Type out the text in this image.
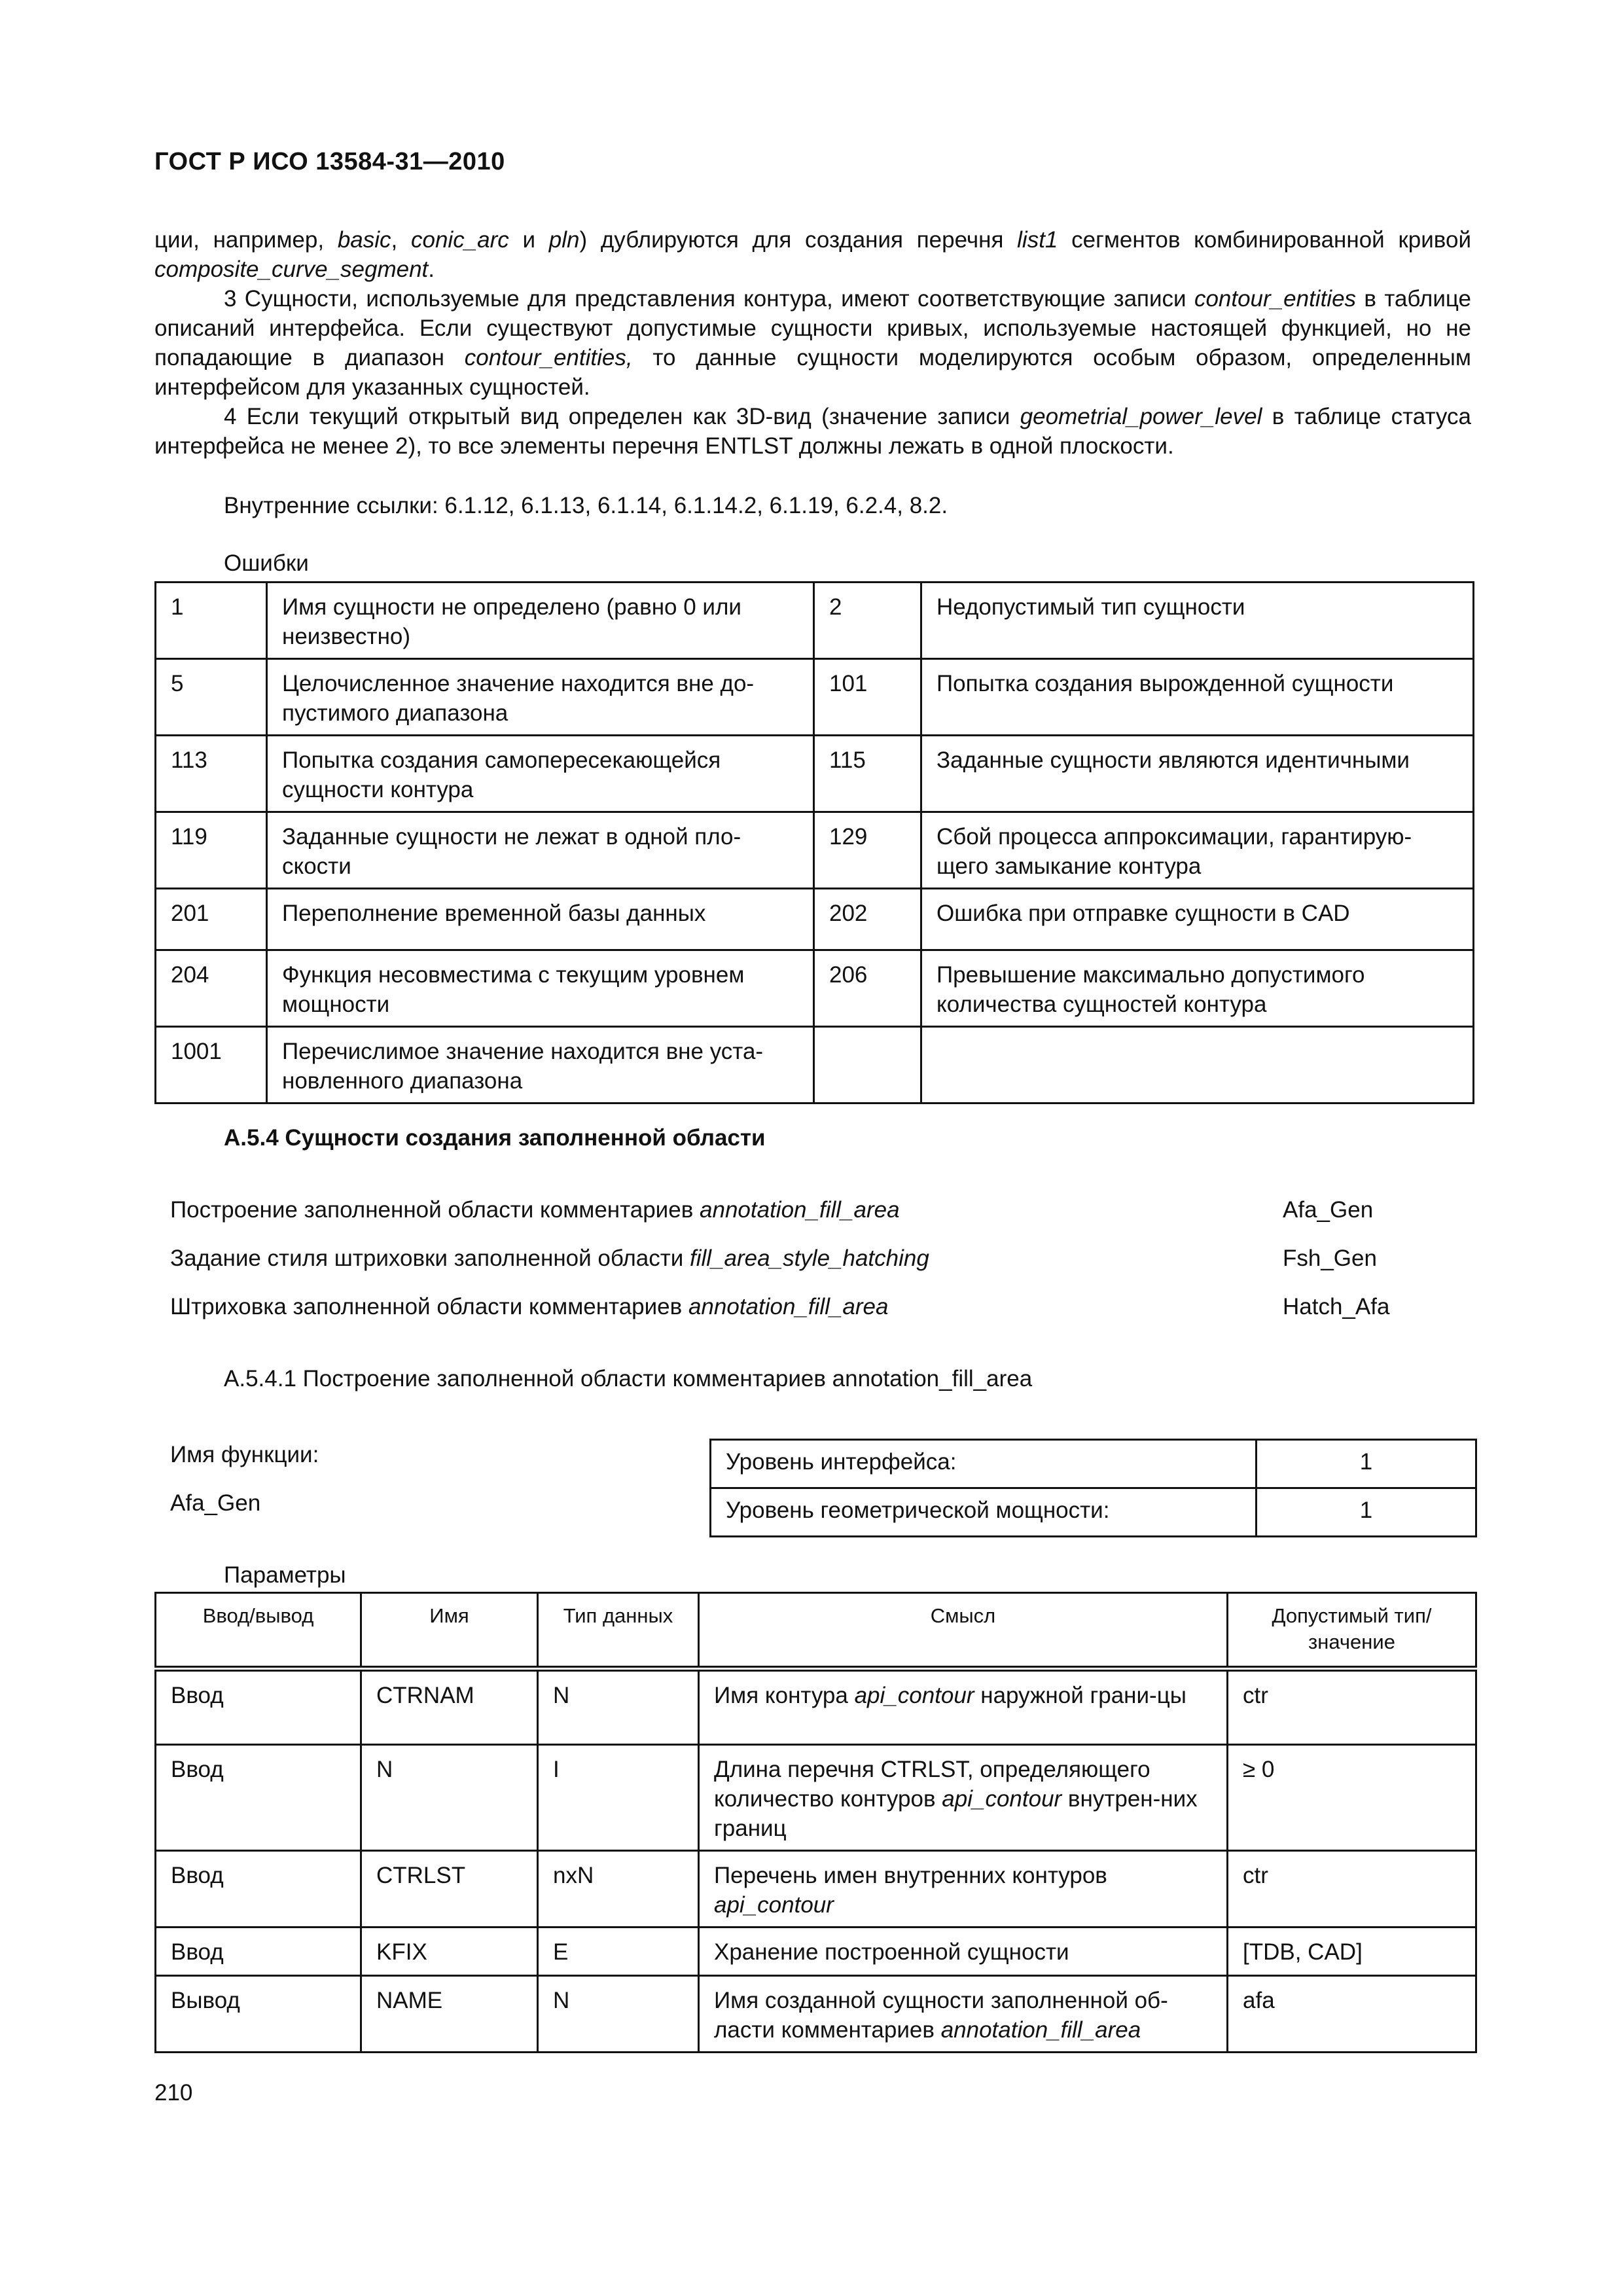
ГОСТ Р ИСО 13584-31—2010
ции, например, basic, conic_arc и pln) дублируются для создания перечня list1 сегментов комбинированной кривой composite_curve_segment.
3 Сущности, используемые для представления контура, имеют соответствующие записи contour_entities в таблице описаний интерфейса. Если существуют допустимые сущности кривых, используемые настоящей функцией, но не попадающие в диапазон contour_entities, то данные сущности моделируются особым образом, определенным интерфейсом для указанных сущностей.
4 Если текущий открытый вид определен как 3D-вид (значение записи geometrial_power_level в таблице статуса интерфейса не менее 2), то все элементы перечня ENTLST должны лежать в одной плоскости.
Внутренние ссылки: 6.1.12, 6.1.13, 6.1.14, 6.1.14.2, 6.1.19, 6.2.4, 8.2.
Ошибки
1	Имя сущности не определено (равно 0 или неизвестно)	2	Недопустимый тип сущности
5	Целочисленное значение находится вне до-пустимого диапазона	101	Попытка создания вырожденной сущности
113	Попытка создания самопересекающейся сущности контура	115	Заданные сущности являются идентичными
119	Заданные сущности не лежат в одной пло-скости	129	Сбой процесса аппроксимации, гарантирую-щего замыкание контура
201	Переполнение временной базы данных	202	Ошибка при отправке сущности в CAD
204	Функция несовместима с текущим уровнем мощности	206	Превышение максимально допустимого количества сущностей контура
1001	Перечислимое значение находится вне уста-новленного диапазона		
А.5.4 Сущности создания заполненной области
Построение заполненной области комментариев annotation_fill_area	Afa_Gen
Задание стиля штриховки заполненной области fill_area_style_hatching	Fsh_Gen
Штриховка заполненной области комментариев annotation_fill_area	Hatch_Afa
А.5.4.1 Построение заполненной области комментариев annotation_fill_area
Имя функции:
Afa_Gen
Уровень интерфейса:	1
Уровень геометрической мощности:	1
Параметры
Ввод/вывод	Имя	Тип данных	Смысл	Допустимый тип/ значение
Ввод	CTRNAM	N	Имя контура api_contour наружной грани-цы	ctr
Ввод	N	I	Длина перечня CTRLST, определяющего количество контуров api_contour внутрен-них границ	≥ 0
Ввод	CTRLST	nxN	Перечень имен внутренних контуров api_contour	ctr
Ввод	KFIX	E	Хранение построенной сущности	[TDB, CAD]
Вывод	NAME	N	Имя созданной сущности заполненной об-ласти комментариев annotation_fill_area	afa
210
